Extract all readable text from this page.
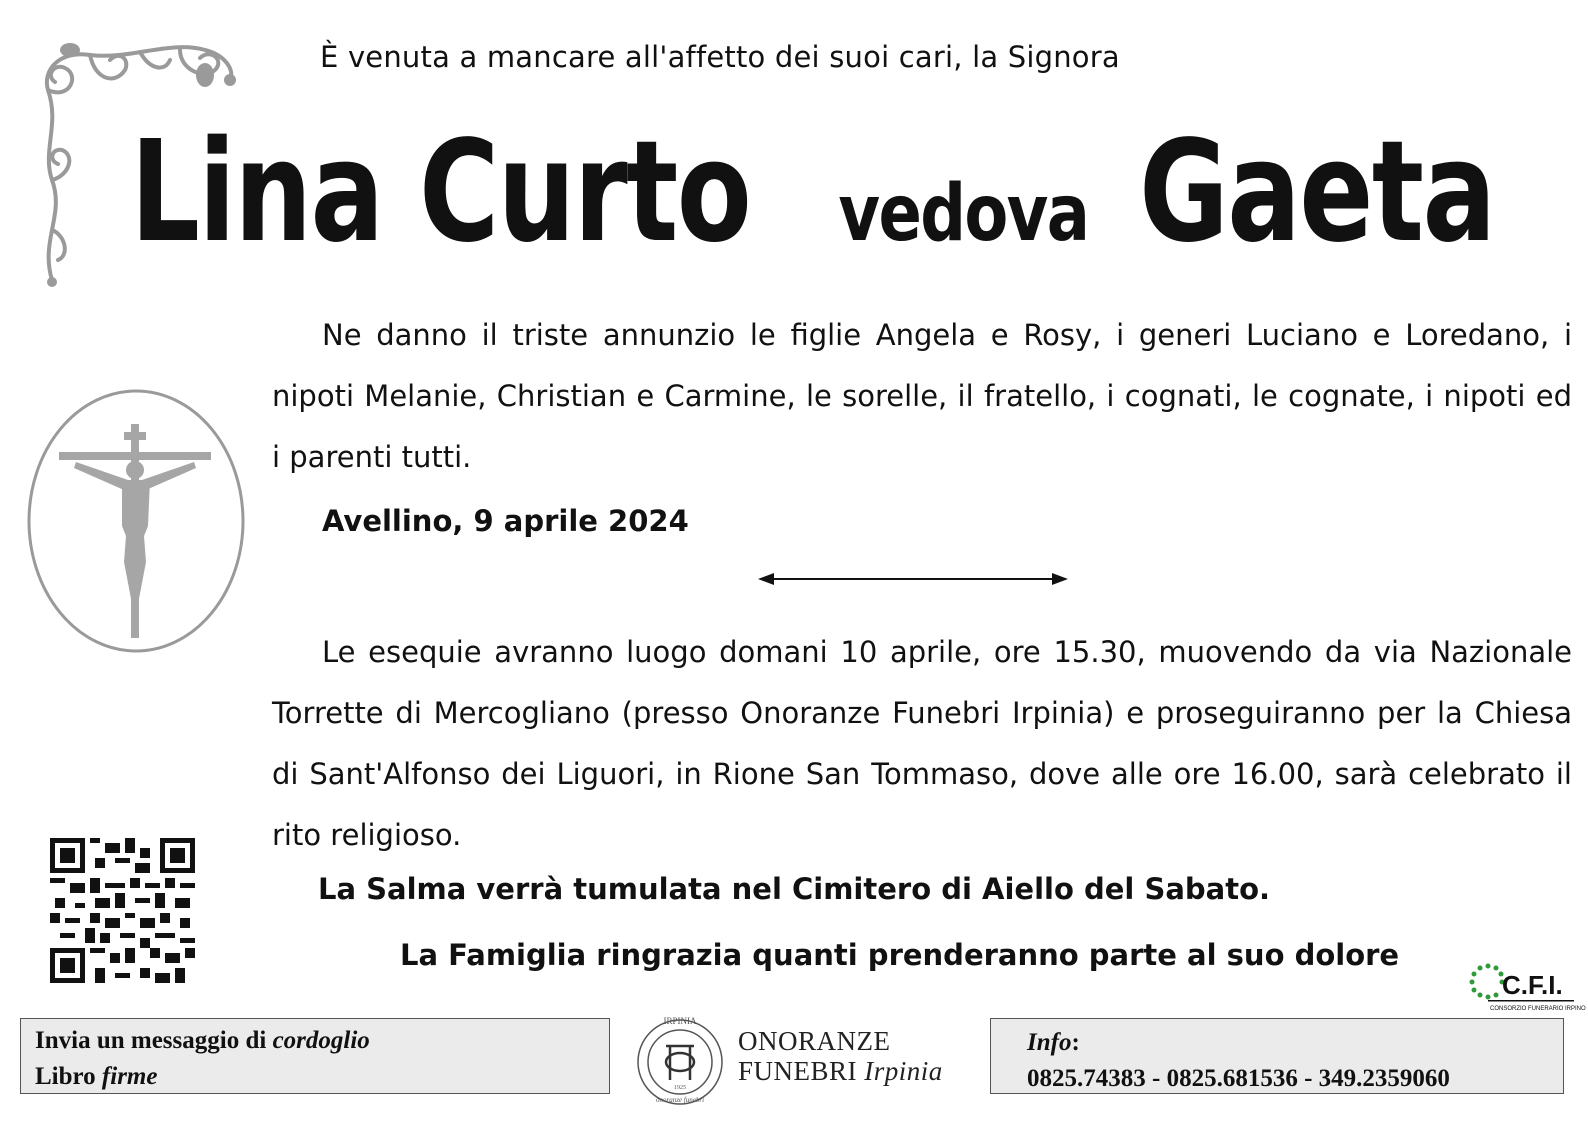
È venuta a mancare all'affetto dei suoi cari, la Signora
Lina Curto vedova Gaeta
Ne danno il triste annunzio le figlie Angela e Rosy, i generi Luciano e Loredano, i nipoti Melanie, Christian e Carmine, le sorelle, il fratello, i cognati, le cognate, i nipoti ed i parenti tutti.
Avellino, 9 aprile 2024
Le esequie avranno luogo domani 10 aprile, ore 15.30, muovendo da via Nazionale Torrette di Mercogliano (presso Onoranze Funebri Irpinia) e proseguiranno per la Chiesa di Sant'Alfonso dei Liguori, in Rione San Tommaso, dove alle ore 16.00, sarà celebrato il rito religioso.
La Salma verrà tumulata nel Cimitero di Aiello del Sabato.
La Famiglia ringrazia quanti prenderanno parte al suo dolore
C.F.I.
CONSORZIO FUNERARIO IRPINO
Invia un messaggio di cordoglio
Libro firme
IRPINIA
1925
onoranze funebri
ONORANZE
FUNEBRI Irpinia
Info:
0825.74383 - 0825.681536 - 349.2359060
